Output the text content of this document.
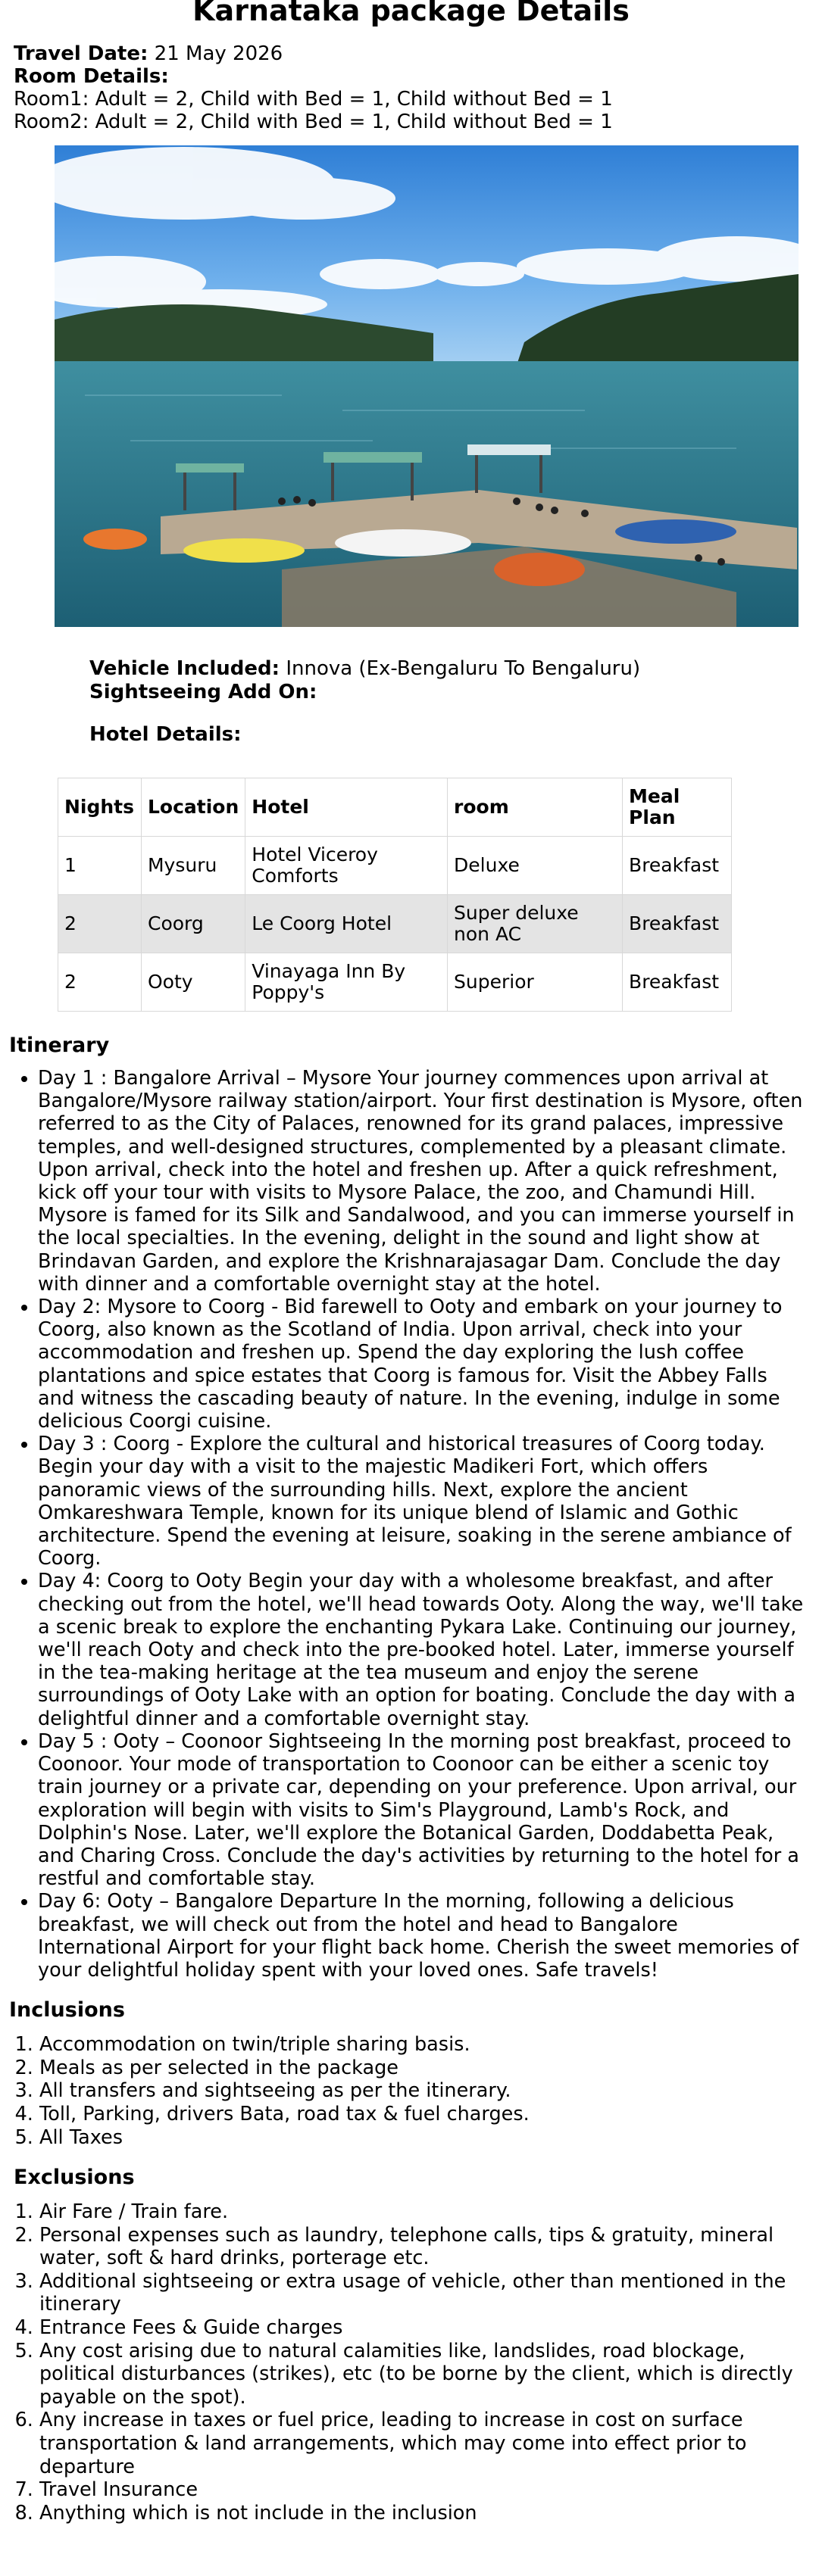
Karnataka package Details
Travel Date: 21 May 2026
Room Details:
Room1: Adult = 2, Child with Bed = 1, Child without Bed = 1
Room2: Adult = 2, Child with Bed = 1, Child without Bed = 1
Vehicle Included: Innova (Ex-Bengaluru To Bengaluru)
Sightseeing Add On:
Hotel Details:
Nights	Location	Hotel	room	Meal Plan
1	Mysuru	Hotel Viceroy Comforts	Deluxe	Breakfast
2	Coorg	Le Coorg Hotel	Super deluxe non AC	Breakfast
2	Ooty	Vinayaga Inn By Poppy's	Superior	Breakfast
Itinerary
• Day 1 : Bangalore Arrival – Mysore Your journey commences upon arrival at Bangalore/Mysore railway station/airport. Your first destination is Mysore, often referred to as the City of Palaces, renowned for its grand palaces, impressive temples, and well-designed structures, complemented by a pleasant climate. Upon arrival, check into the hotel and freshen up. After a quick refreshment, kick off your tour with visits to Mysore Palace, the zoo, and Chamundi Hill. Mysore is famed for its Silk and Sandalwood, and you can immerse yourself in the local specialties. In the evening, delight in the sound and light show at Brindavan Garden, and explore the Krishnarajasagar Dam. Conclude the day with dinner and a comfortable overnight stay at the hotel.
• Day 2: Mysore to Coorg - Bid farewell to Ooty and embark on your journey to Coorg, also known as the Scotland of India. Upon arrival, check into your accommodation and freshen up. Spend the day exploring the lush coffee plantations and spice estates that Coorg is famous for. Visit the Abbey Falls and witness the cascading beauty of nature. In the evening, indulge in some delicious Coorgi cuisine.
• Day 3 : Coorg - Explore the cultural and historical treasures of Coorg today. Begin your day with a visit to the majestic Madikeri Fort, which offers panoramic views of the surrounding hills. Next, explore the ancient Omkareshwara Temple, known for its unique blend of Islamic and Gothic architecture. Spend the evening at leisure, soaking in the serene ambiance of Coorg.
• Day 4: Coorg to Ooty Begin your day with a wholesome breakfast, and after checking out from the hotel, we'll head towards Ooty. Along the way, we'll take a scenic break to explore the enchanting Pykara Lake. Continuing our journey, we'll reach Ooty and check into the pre-booked hotel. Later, immerse yourself in the tea-making heritage at the tea museum and enjoy the serene surroundings of Ooty Lake with an option for boating. Conclude the day with a delightful dinner and a comfortable overnight stay.
• Day 5 : Ooty – Coonoor Sightseeing In the morning post breakfast, proceed to Coonoor. Your mode of transportation to Coonoor can be either a scenic toy train journey or a private car, depending on your preference. Upon arrival, our exploration will begin with visits to Sim's Playground, Lamb's Rock, and Dolphin's Nose. Later, we'll explore the Botanical Garden, Doddabetta Peak, and Charing Cross. Conclude the day's activities by returning to the hotel for a restful and comfortable stay.
• Day 6: Ooty – Bangalore Departure In the morning, following a delicious breakfast, we will check out from the hotel and head to Bangalore International Airport for your flight back home. Cherish the sweet memories of your delightful holiday spent with your loved ones. Safe travels!
Inclusions
1. Accommodation on twin/triple sharing basis.
2. Meals as per selected in the package
3. All transfers and sightseeing as per the itinerary.
4. Toll, Parking, drivers Bata, road tax & fuel charges.
5. All Taxes
Exclusions
1. Air Fare / Train fare.
2. Personal expenses such as laundry, telephone calls, tips & gratuity, mineral water, soft & hard drinks, porterage etc.
3. Additional sightseeing or extra usage of vehicle, other than mentioned in the itinerary
4. Entrance Fees & Guide charges
5. Any cost arising due to natural calamities like, landslides, road blockage, political disturbances (strikes), etc (to be borne by the client, which is directly payable on the spot).
6. Any increase in taxes or fuel price, leading to increase in cost on surface transportation & land arrangements, which may come into effect prior to departure
7. Travel Insurance
8. Anything which is not include in the inclusion
